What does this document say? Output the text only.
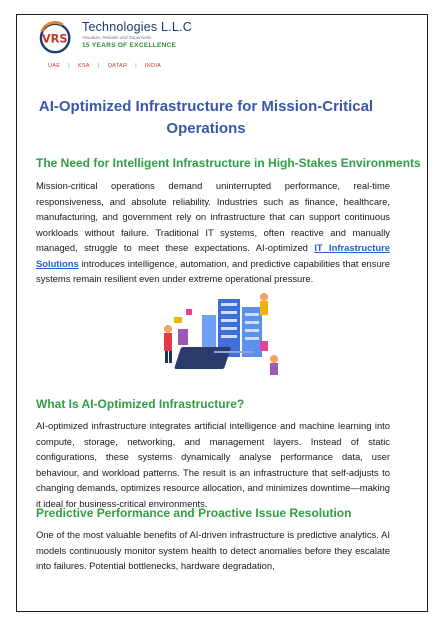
VRS
Technologies L.L.C
Visualize, Reliable and Supersedin
15 YEARS OF EXCELLENCE
UAE | KSA | QATAR | INDIA
AI-Optimized Infrastructure for Mission-Critical Operations
The Need for Intelligent Infrastructure in High-Stakes Environments

Mission-critical operations demand uninterrupted performance, real-time responsiveness, and absolute reliability. Industries such as finance, healthcare, manufacturing, and government rely on infrastructure that can support continuous workloads without failure. Traditional IT systems, often reactive and manually managed, struggle to meet these expectations. AI-optimized IT Infrastructure Solutions introduces intelligence, automation, and predictive capabilities that ensure systems remain resilient even under extreme operational pressure.

What Is AI-Optimized Infrastructure?

AI-optimized infrastructure integrates artificial intelligence and machine learning into compute, storage, networking, and management layers. Instead of static configurations, these systems dynamically analyse performance data, user behaviour, and workload patterns. The result is an infrastructure that self-adjusts to changing demands, optimizes resource allocation, and minimizes downtime—making it ideal for business-critical environments.

Predictive Performance and Proactive Issue Resolution

One of the most valuable benefits of AI-driven infrastructure is predictive analytics. AI models continuously monitor system health to detect anomalies before they escalate into failures. Potential bottlenecks, hardware degradation,
